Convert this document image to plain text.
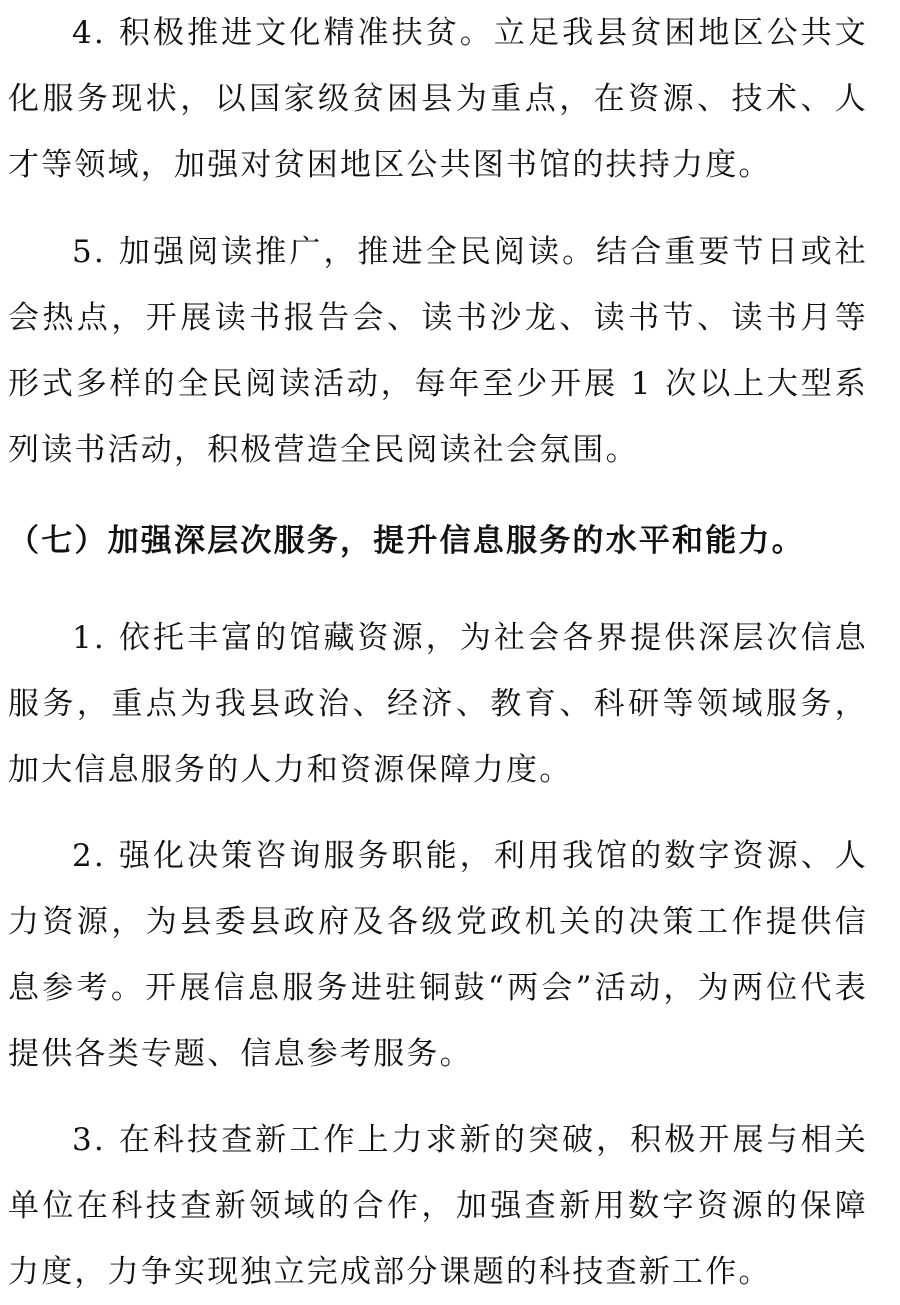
4. 积极推进文化精准扶贫。立足我县贫困地区公共文化服务现状，以国家级贫困县为重点，在资源、技术、人才等领域，加强对贫困地区公共图书馆的扶持力度。

5. 加强阅读推广，推进全民阅读。结合重要节日或社会热点，开展读书报告会、读书沙龙、读书节、读书月等形式多样的全民阅读活动，每年至少开展 1 次以上大型系列读书活动，积极营造全民阅读社会氛围。

（七）加强深层次服务，提升信息服务的水平和能力。

1. 依托丰富的馆藏资源，为社会各界提供深层次信息服务，重点为我县政治、经济、教育、科研等领域服务，加大信息服务的人力和资源保障力度。

2. 强化决策咨询服务职能，利用我馆的数字资源、人力资源，为县委县政府及各级党政机关的决策工作提供信息参考。开展信息服务进驻铜鼓“两会”活动，为两位代表提供各类专题、信息参考服务。

3. 在科技查新工作上力求新的突破，积极开展与相关单位在科技查新领域的合作，加强查新用数字资源的保障力度，力争实现独立完成部分课题的科技查新工作。
